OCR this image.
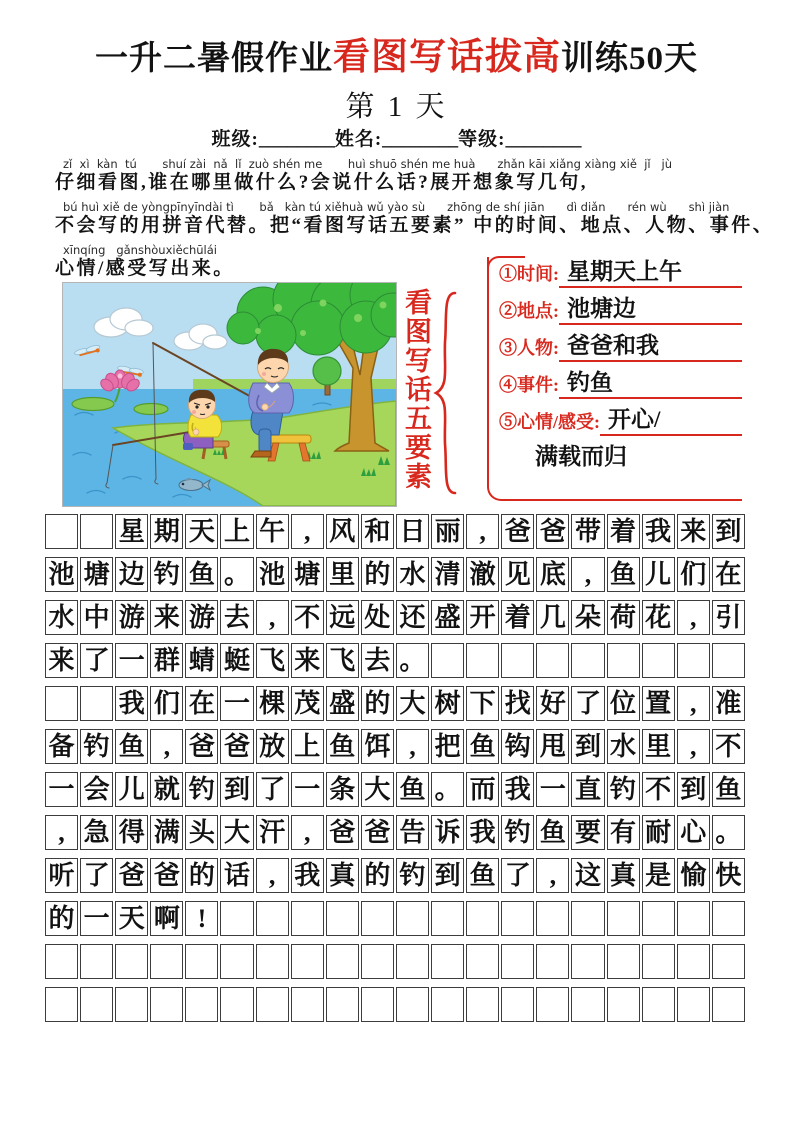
一升二暑假作业看图写话拔高训练50天
第 1 天
班级:________姓名:________等级:________
zǐ  xì  kàn  tú       shuí zài  nǎ  lǐ  zuò shén me       huì shuō shén me huà      zhǎn kāi xiǎng xiàng xiě  jǐ   jù
仔细看图,谁在哪里做什么?会说什么话?展开想象写几句,
bú huì xiě de yòngpīnyīndài tì       bǎ   kàn tú xiěhuà wǔ yào sù      zhōng de shí jiān      dì diǎn      rén wù      shì jiàn
不会写的用拼音代替。把“看图写话五要素” 中的时间、地点、人物、事件、
xīnqíng   gǎnshòuxiěchūlái
心情/感受写出来。
看图写话五要素
①时间: 星期天上午
②地点: 池塘边
③人物: 爸爸和我
④事件: 钓鱼
⑤心情/感受: 开心/
满载而归
星 期 天 上 午 , 风 和 日 丽 , 爸 爸 带 着 我 来 到
池 塘 边 钓 鱼 。 池 塘 里 的 水 清 澈 见 底 , 鱼 儿 们 在
水 中 游 来 游 去 , 不 远 处 还 盛 开 着 几 朵 荷 花 , 引
来 了 一 群 蜻 蜓 飞 来 飞 去 。
我 们 在 一 棵 茂 盛 的 大 树 下 找 好 了 位 置 , 准
备 钓 鱼 , 爸 爸 放 上 鱼 饵 , 把 鱼 钩 甩 到 水 里 , 不
一 会 儿 就 钓 到 了 一 条 大 鱼 。 而 我 一 直 钓 不 到 鱼
, 急 得 满 头 大 汗 , 爸 爸 告 诉 我 钓 鱼 要 有 耐 心 。
听 了 爸 爸 的 话 , 我 真 的 钓 到 鱼 了 , 这 真 是 愉 快
的 一 天 啊 !
